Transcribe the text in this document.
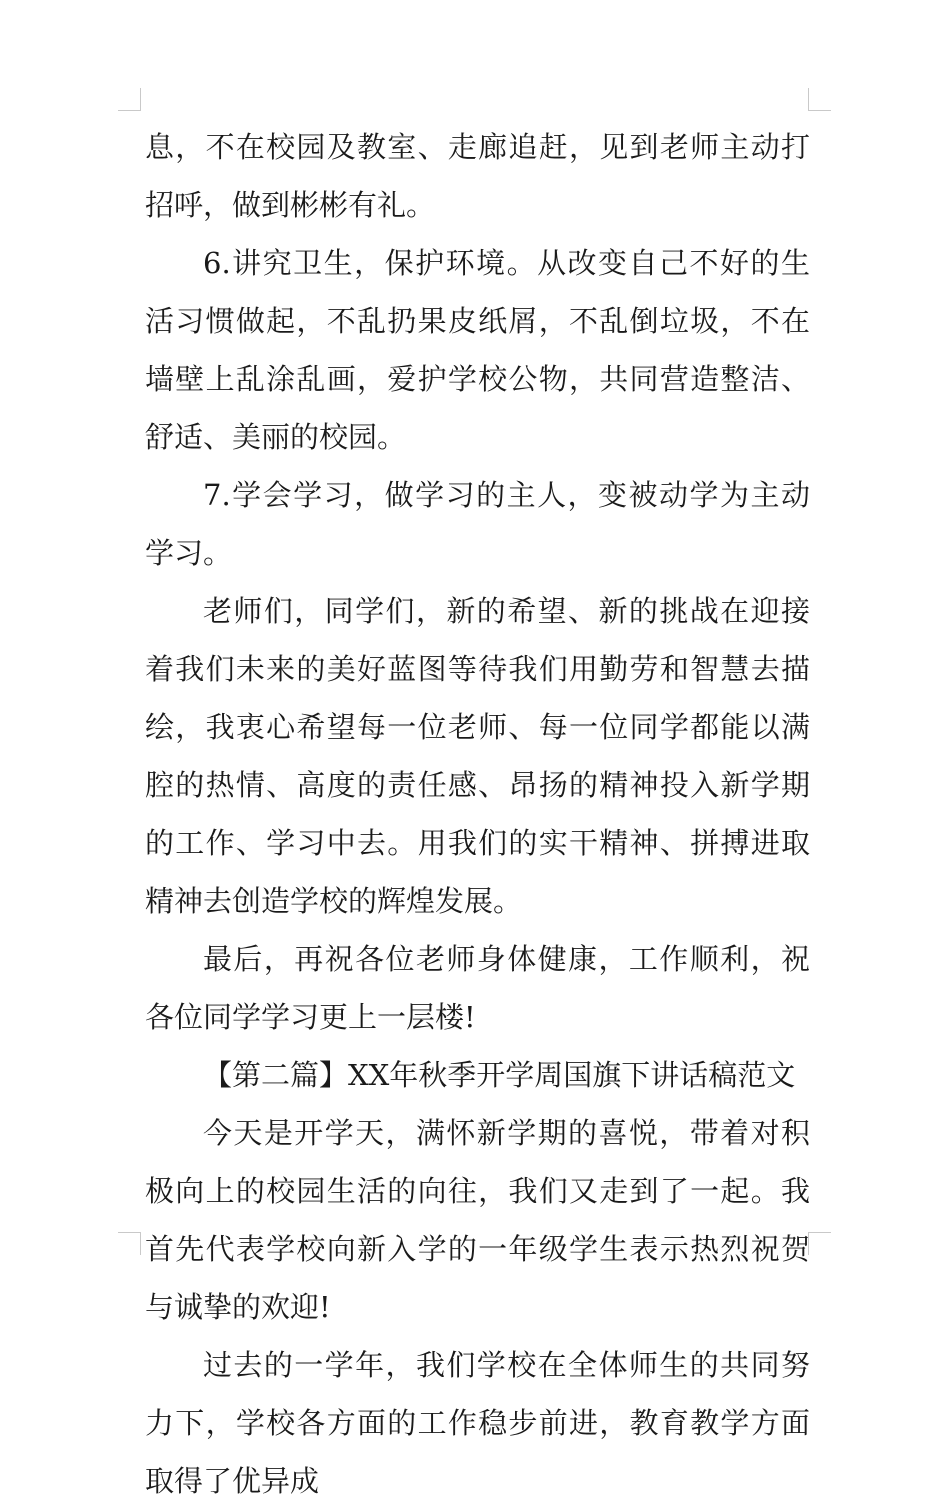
息，不在校园及教室、走廊追赶，见到老师主动打招呼，做到彬彬有礼。

6.讲究卫生，保护环境。从改变自己不好的生活习惯做起，不乱扔果皮纸屑，不乱倒垃圾，不在墙壁上乱涂乱画，爱护学校公物，共同营造整洁、舒适、美丽的校园。

7.学会学习，做学习的主人，变被动学为主动学习。

老师们，同学们，新的希望、新的挑战在迎接着我们未来的美好蓝图等待我们用勤劳和智慧去描绘，我衷心希望每一位老师、每一位同学都能以满腔的热情、高度的责任感、昂扬的精神投入新学期的工作、学习中去。用我们的实干精神、拼搏进取精神去创造学校的辉煌发展。

最后，再祝各位老师身体健康，工作顺利，祝各位同学学习更上一层楼!

【第二篇】XX年秋季开学周国旗下讲话稿范文

今天是开学天，满怀新学期的喜悦，带着对积极向上的校园生活的向往，我们又走到了一起。我首先代表学校向新入学的一年级学生表示热烈祝贺与诚挚的欢迎!

过去的一学年，我们学校在全体师生的共同努力下，学校各方面的工作稳步前进，教育教学方面取得了优异成
